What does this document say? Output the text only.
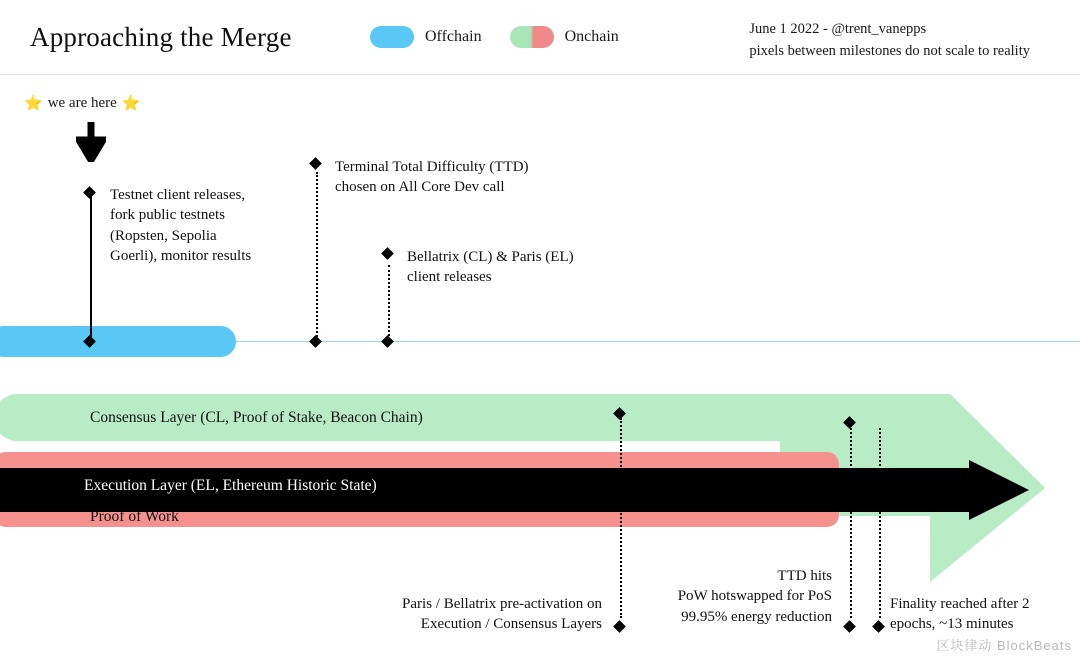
Approaching the Merge	Offchain	Onchain	June 1 2022 - @trent_vanepps
pixels between milestones do not scale to reality
⭐ we are here ⭐
Testnet client releases,
fork public testnets
(Ropsten, Sepolia
Goerli), monitor results
Terminal Total Difficulty (TTD)
chosen on All Core Dev call
Bellatrix (CL) & Paris (EL)
client releases
Consensus Layer (CL, Proof of Stake, Beacon Chain)
Proof of Work
Execution Layer (EL, Ethereum Historic State)
Paris / Bellatrix pre-activation on
Execution / Consensus Layers
TTD hits
PoW hotswapped for PoS
99.95% energy reduction
Finality reached after 2
epochs, ~13 minutes
区块律动 BlockBeats
